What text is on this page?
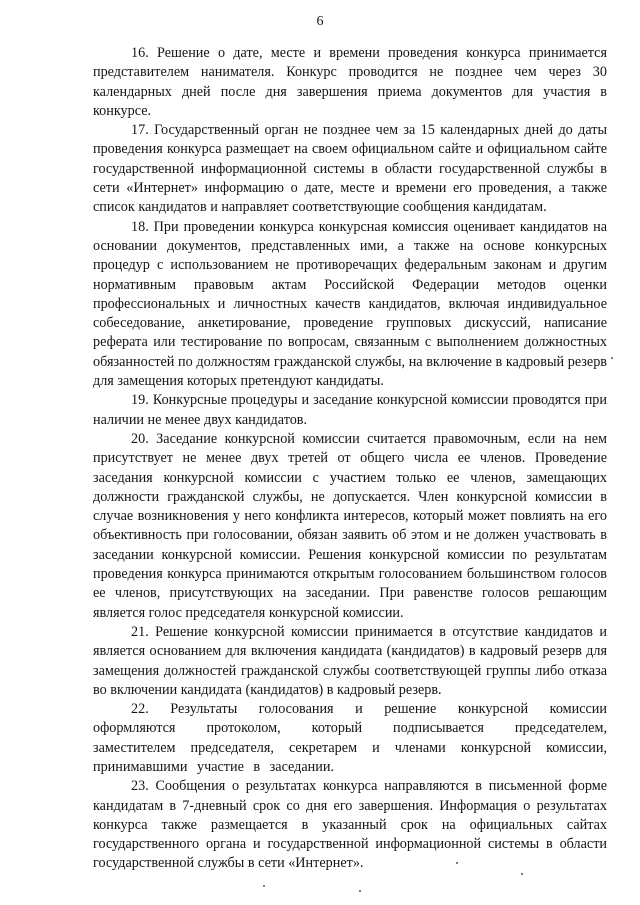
6

16. Решение о дате, месте и времени проведения конкурса принимается представителем нанимателя. Конкурс проводится не позднее чем через 30 календарных дней после дня завершения приема документов для участия в конкурсе.

17. Государственный орган не позднее чем за 15 календарных дней до даты проведения конкурса размещает на своем официальном сайте и официальном сайте государственной информационной системы в области государственной службы в сети «Интернет» информацию о дате, месте и времени его проведения, а также список кандидатов и направляет соответствующие сообщения кандидатам.

18. При проведении конкурса конкурсная комиссия оценивает кандидатов на основании документов, представленных ими, а также на основе конкурсных процедур с использованием не противоречащих федеральным законам и другим нормативным правовым актам Российской Федерации методов оценки профессиональных и личностных качеств кандидатов, включая индивидуальное собеседование, анкетирование, проведение групповых дискуссий, написание реферата или тестирование по вопросам, связанным с выполнением должностных обязанностей по должностям гражданской службы, на включение в кадровый резерв для замещения которых претендуют кандидаты.

19. Конкурсные процедуры и заседание конкурсной комиссии проводятся при наличии не менее двух кандидатов.

20. Заседание конкурсной комиссии считается правомочным, если на нем присутствует не менее двух третей от общего числа ее членов. Проведение заседания конкурсной комиссии с участием только ее членов, замещающих должности гражданской службы, не допускается. Член конкурсной комиссии в случае возникновения у него конфликта интересов, который может повлиять на его объективность при голосовании, обязан заявить об этом и не должен участвовать в заседании конкурсной комиссии. Решения конкурсной комиссии по результатам проведения конкурса принимаются открытым голосованием большинством голосов ее членов, присутствующих на заседании. При равенстве голосов решающим является голос председателя конкурсной комиссии.

21. Решение конкурсной комиссии принимается в отсутствие кандидатов и является основанием для включения кандидата (кандидатов) в кадровый резерв для замещения должностей гражданской службы соответствующей группы либо отказа во включении кандидата (кандидатов) в кадровый резерв.

22. Результаты голосования и решение конкурсной комиссии оформляются протоколом, который подписывается председателем, заместителем председателя, секретарем и членами конкурсной комиссии, принимавшими участие в заседании.

23. Сообщения о результатах конкурса направляются в письменной форме кандидатам в 7-дневный срок со дня его завершения. Информация о результатах конкурса также размещается в указанный срок на официальных сайтах государственного органа и государственной информационной системы в области государственной службы в сети «Интернет».
